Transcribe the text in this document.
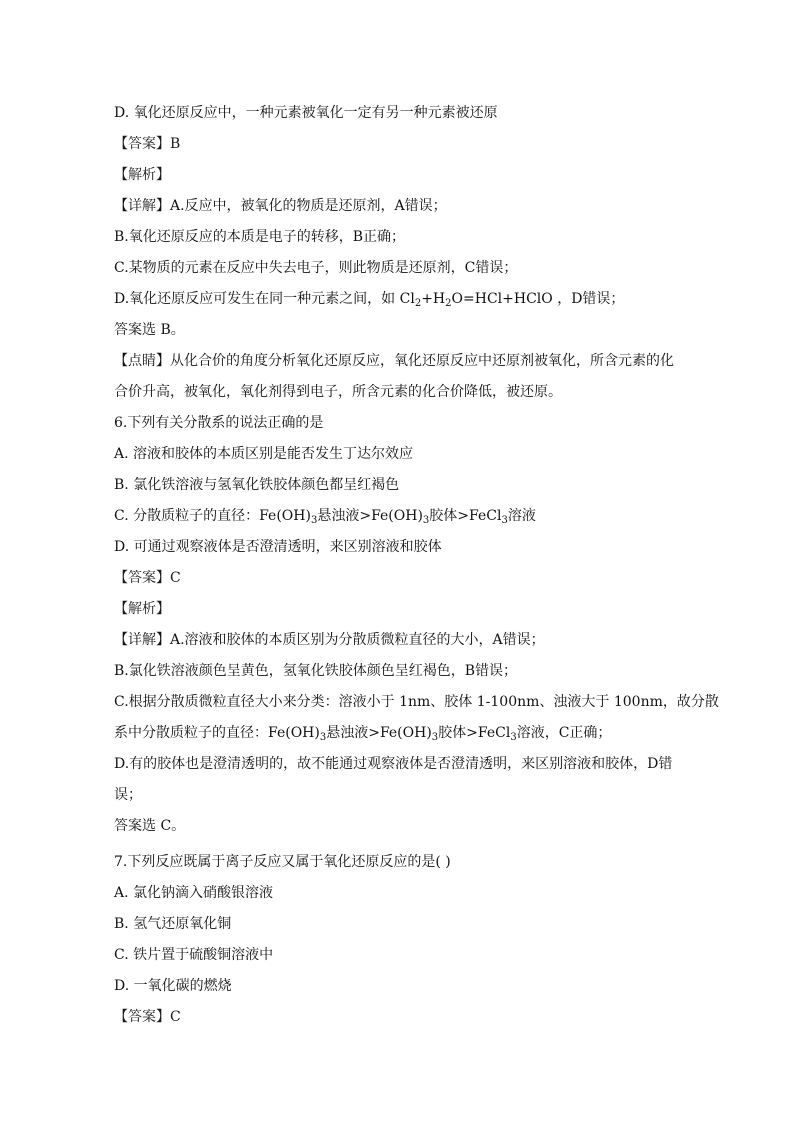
D. 氧化还原反应中，一种元素被氧化一定有另一种元素被还原
【答案】B
【解析】
【详解】A.反应中，被氧化的物质是还原剂，A错误；
B.氧化还原反应的本质是电子的转移，B正确；
C.某物质的元素在反应中失去电子，则此物质是还原剂，C错误；
D.氧化还原反应可发生在同一种元素之间，如 $Cl_2+H_2O=HCl+HClO$ ，D错误；
答案选 B。
【点睛】从化合价的角度分析氧化还原反应，氧化还原反应中还原剂被氧化，所含元素的化
合价升高，被氧化，氧化剂得到电子，所含元素的化合价降低，被还原。
6.下列有关分散系的说法正确的是
A. 溶液和胶体的本质区别是能否发生丁达尔效应
B. 氯化铁溶液与氢氧化铁胶体颜色都呈红褐色
C. 分散质粒子的直径：$Fe(OH)_3$悬浊液$>Fe(OH)_3$胶体>FeCl$_3$溶液
D. 可通过观察液体是否澄清透明，来区别溶液和胶体
【答案】C
【解析】
【详解】A.溶液和胶体的本质区别为分散质微粒直径的大小，A错误；
B.氯化铁溶液颜色呈黄色，氢氧化铁胶体颜色呈红褐色，B错误；
C.根据分散质微粒直径大小来分类：溶液小于 1nm、胶体 1-100nm、浊液大于 100nm，故分散
系中分散质粒子的直径：$Fe(OH)_3$悬浊液$>Fe(OH)_3$胶体>FeCl$_3$溶液，C正确；
D.有的胶体也是澄清透明的，故不能通过观察液体是否澄清透明，来区别溶液和胶体，D错
误；
答案选 C。
7.下列反应既属于离子反应又属于氧化还原反应的是( )
A. 氯化钠滴入硝酸银溶液
B. 氢气还原氧化铜
C. 铁片置于硫酸铜溶液中
D. 一氧化碳的燃烧
【答案】C
